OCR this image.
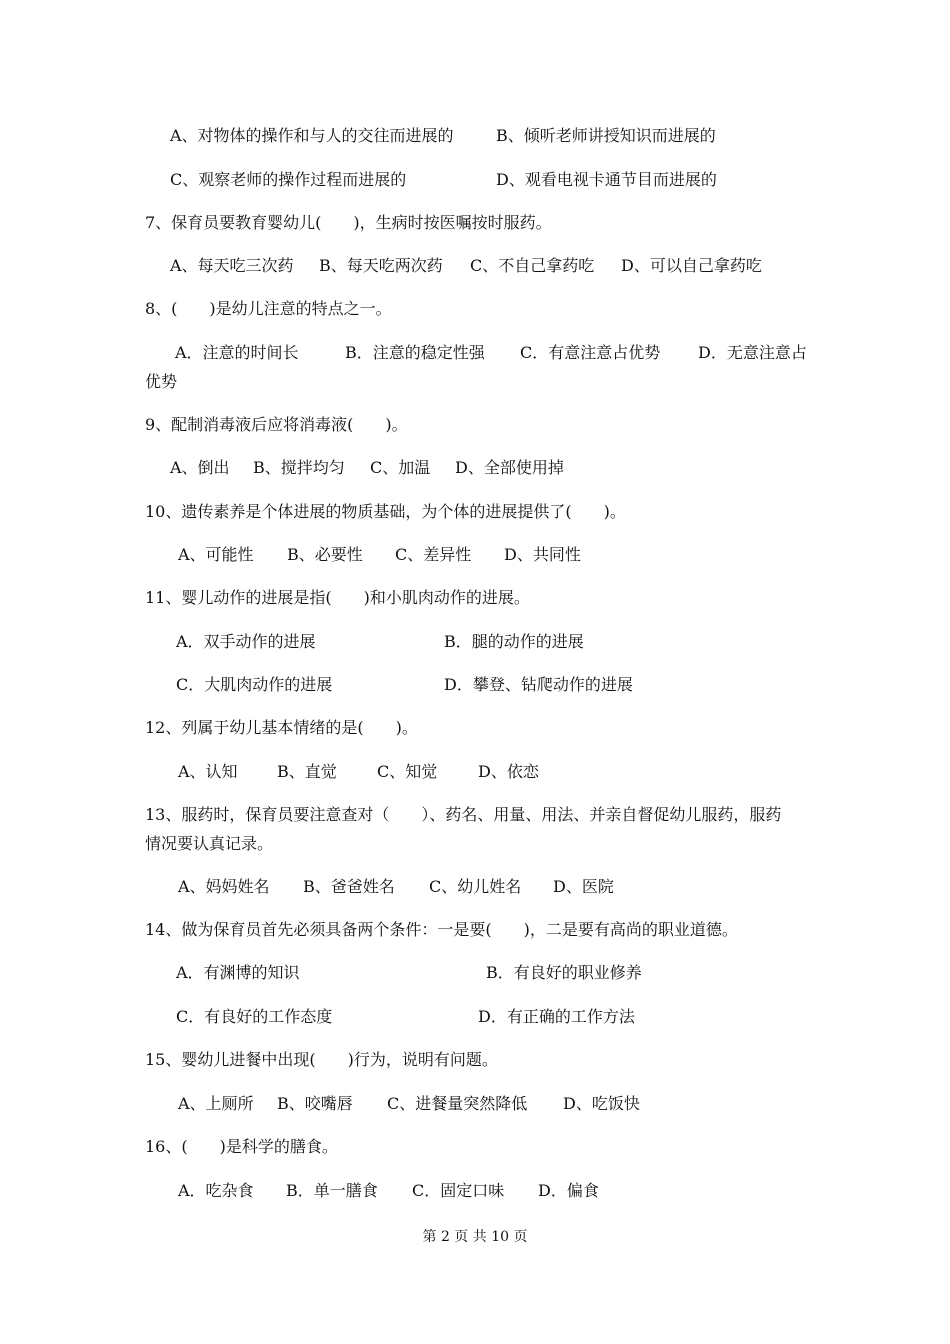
A、对物体的操作和与人的交往而进展的	B、倾听老师讲授知识而进展的
C、观察老师的操作过程而进展的	D、观看电视卡通节目而进展的
7、保育员要教育婴幼儿(　　)，生病时按医嘱按时服药。
A、每天吃三次药 B、每天吃两次药 C、不自己拿药吃 D、可以自己拿药吃
8、(　　)是幼儿注意的特点之一。
A．注意的时间长	B．注意的稳定性强 C．有意注意占优势 D．无意注意占
优势
9、配制消毒液后应将消毒液(　　)。
A、倒出 B、搅拌均匀 C、加温 D、全部使用掉
10、遗传素养是个体进展的物质基础，为个体的进展提供了(　　)。
A、可能性 B、必要性 C、差异性 D、共同性
11、婴儿动作的进展是指(　　)和小肌肉动作的进展。
A．双手动作的进展	B．腿的动作的进展
C．大肌肉动作的进展	D．攀登、钻爬动作的进展
12、列属于幼儿基本情绪的是(　　)。
A、认知 B、直觉	C、知觉	D、依恋
13、服药时，保育员要注意查对（　　）、药名、用量、用法、并亲自督促幼儿服药，服药
情况要认真记录。
A、妈妈姓名 B、爸爸姓名 C、幼儿姓名 D、医院
14、做为保育员首先必须具备两个条件：一是要(　　)，二是要有高尚的职业道德。
A．有渊博的知识	B．有良好的职业修养
C．有良好的工作态度	D．有正确的工作方法
15、婴幼儿进餐中出现(　　)行为，说明有问题。
A、上厕所 B、咬嘴唇 C、进餐量突然降低 D、吃饭快
16、(　　)是科学的膳食。
A．吃杂食 B．单一膳食 C．固定口味 D．偏食
第 2 页 共 10 页
